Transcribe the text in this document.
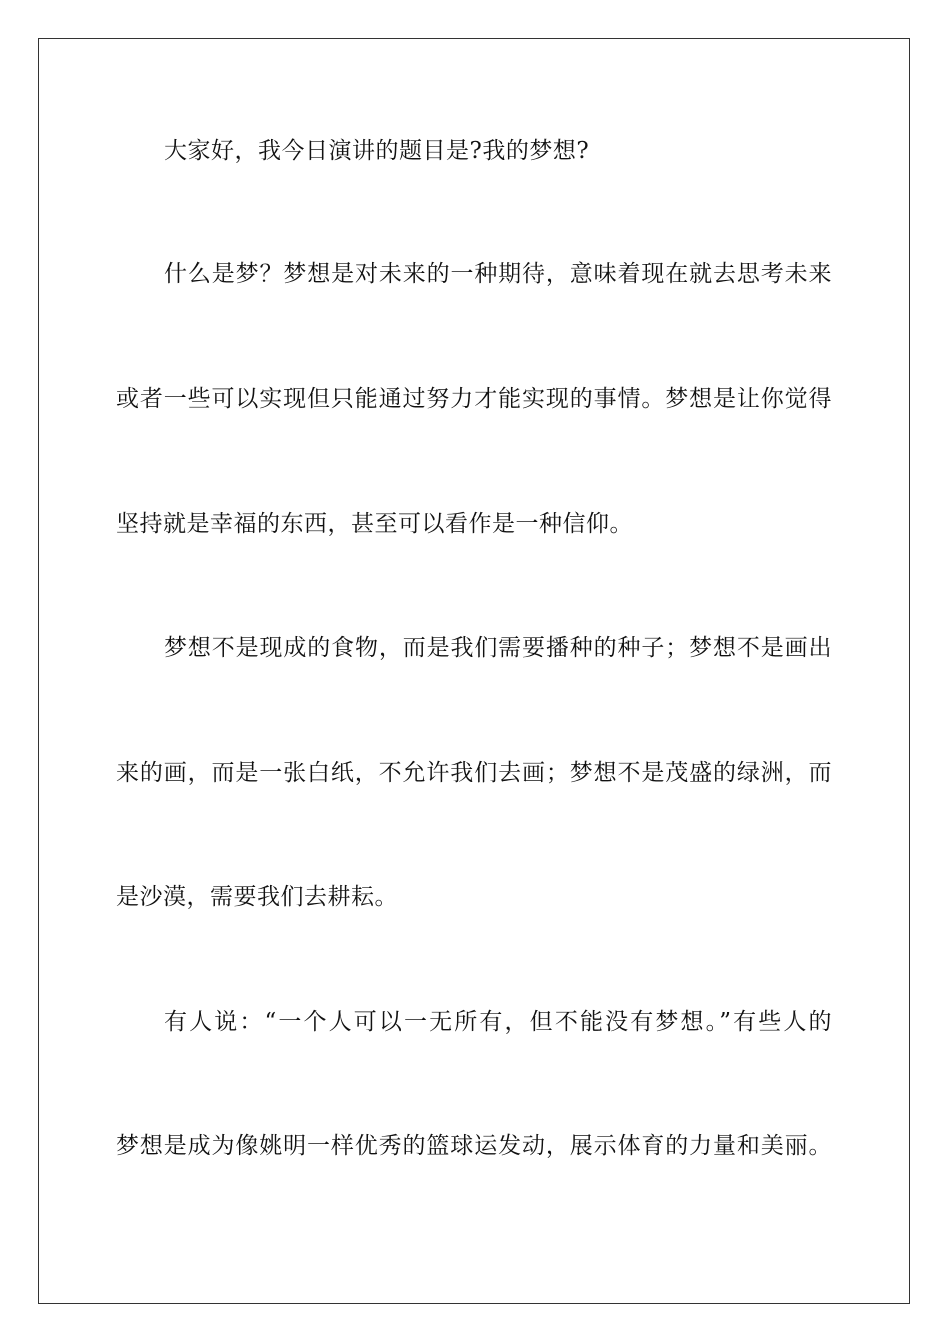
大家好，我今日演讲的题目是?我的梦想?
什么是梦？梦想是对未来的一种期待，意味着现在就去思考未来
或者一些可以实现但只能通过努力才能实现的事情。梦想是让你觉得
坚持就是幸福的东西，甚至可以看作是一种信仰。
梦想不是现成的食物，而是我们需要播种的种子；梦想不是画出
来的画，而是一张白纸，不允许我们去画；梦想不是茂盛的绿洲，而
是沙漠，需要我们去耕耘。
有人说：“一个人可以一无所有，但不能没有梦想。”有些人的
梦想是成为像姚明一样优秀的篮球运发动，展示体育的力量和美丽。
